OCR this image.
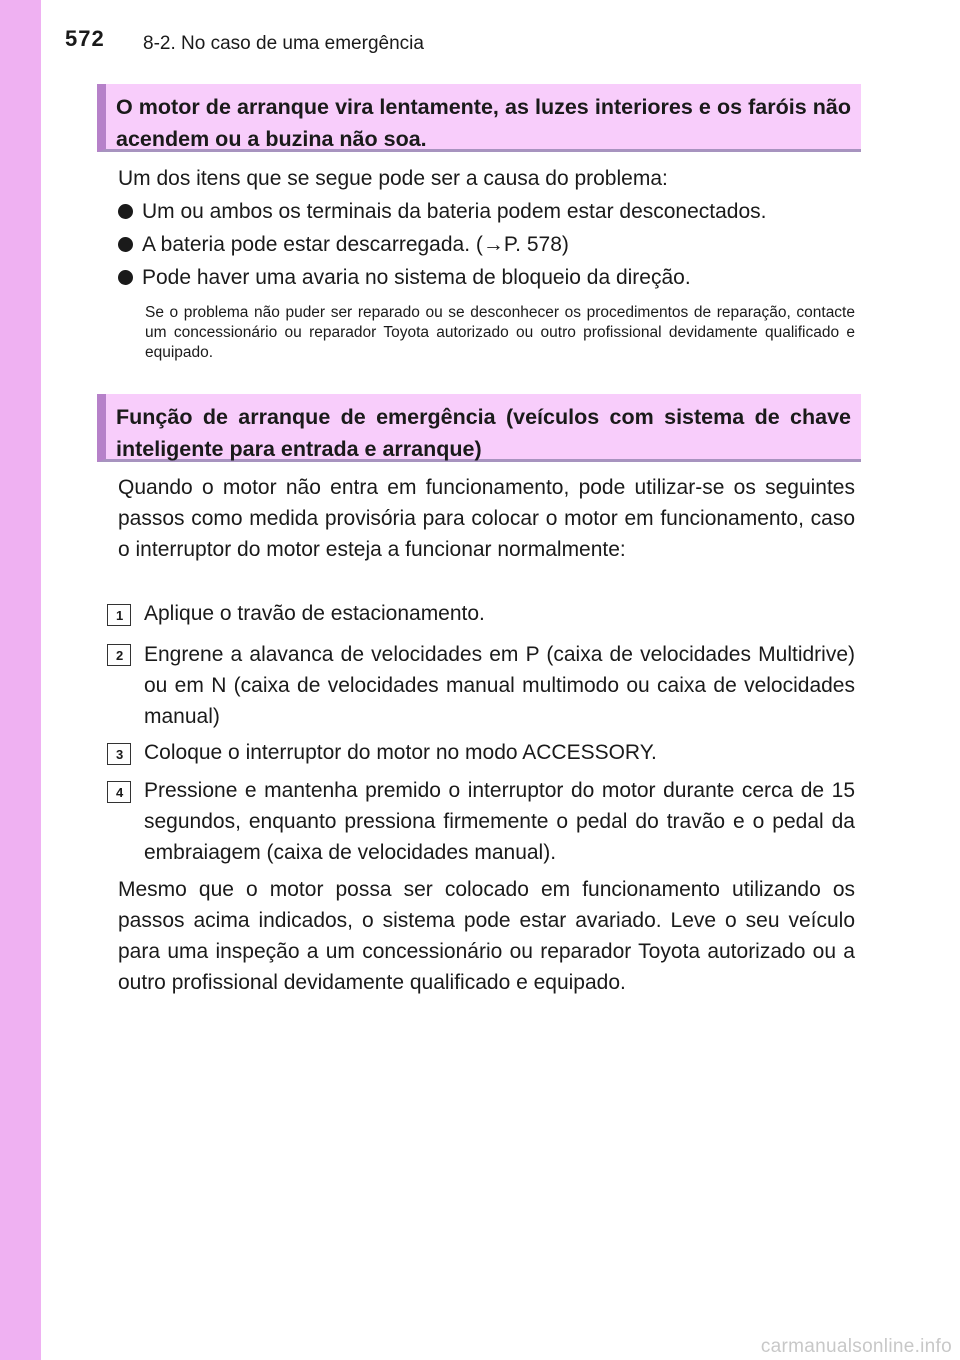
572 8-2. No caso de uma emergência
O motor de arranque vira lentamente, as luzes interiores e os faróis não acendem ou a buzina não soa.
Um dos itens que se segue pode ser a causa do problema:
Um ou ambos os terminais da bateria podem estar desconectados.
A bateria pode estar descarregada. (→P. 578)
Pode haver uma avaria no sistema de bloqueio da direção.
Se o problema não puder ser reparado ou se desconhecer os procedimentos de reparação, contacte um concessionário ou reparador Toyota autorizado ou outro profissional devidamente qualificado e equipado.
Função de arranque de emergência (veículos com sistema de chave inteligente para entrada e arranque)
Quando o motor não entra em funcionamento, pode utilizar-se os seguintes passos como medida provisória para colocar o motor em funcionamento, caso o interruptor do motor esteja a funcionar normalmente:
1 Aplique o travão de estacionamento.
2 Engrene a alavanca de velocidades em P (caixa de velocidades Multidrive) ou em N (caixa de velocidades manual multimodo ou caixa de velocidades manual)
3 Coloque o interruptor do motor no modo ACCESSORY.
4 Pressione e mantenha premido o interruptor do motor durante cerca de 15 segundos, enquanto pressiona firmemente o pedal do travão e o pedal da embraiagem (caixa de velocidades manual).
Mesmo que o motor possa ser colocado em funcionamento utilizando os passos acima indicados, o sistema pode estar avariado. Leve o seu veículo para uma inspeção a um concessionário ou reparador Toyota autorizado ou a outro profissional devidamente qualificado e equipado.
carmanualsonline.info
